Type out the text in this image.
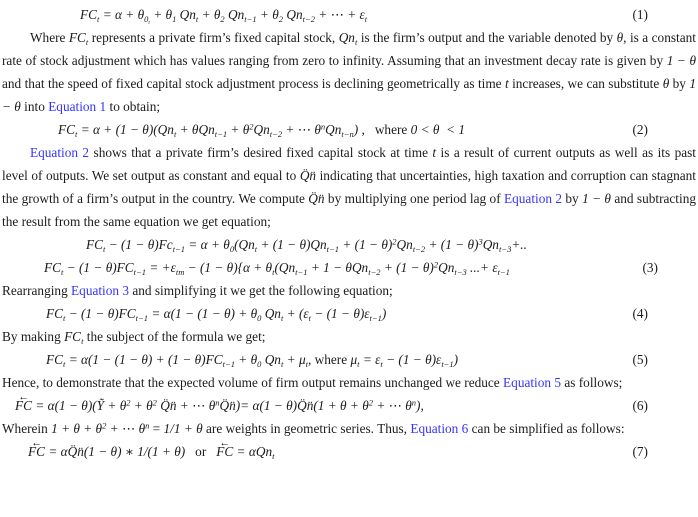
$FC_t = \alpha + \theta_{0_t} + \theta_1$ $Qn_t + \theta_2$ $Qn_{t-1} + \theta_2$ $Qn_{t-2}$ + ⋯ + $\varepsilon_t$	(1)

Where $FC_t$ represents a private firm’s fixed capital stock, $Qn_t$ is the firm’s output and the variable denoted by θ, is a constant rate of stock adjustment which has values ranging from zero to infinity. Assuming that an investment decay rate is given by 1 − θ and that the speed of fixed capital stock adjustment process is declining geometrically as time t increases, we can substitute θ by 1 − θ into Equation 1 to obtain;

$FC_t = \alpha + (1 - \theta)(Qn_t + \theta Qn_{t-1} + \theta^2Qn_{t-2}$ + ⋯ $\theta^nQn_{t-n}$) ,   where 0 < θ  < 1	(2)

Equation 2 shows that a private firm’s desired fixed capital stock at time t is a result of current outputs as well as its past level of outputs. We set output as constant and equal to Q̈n̈ indicating that uncertainties, high taxation and corruption can stagnant the growth of a firm’s output in the country. We compute Q̈n̈ by multiplying one period lag of Equation 2 by 1 − θ and subtracting the result from the same equation we get equation;

$FC_t - (1 - \theta)Fc_{t-1} = \alpha + \theta_0(Qn_t + (1 - \theta)Qn_{t-1} + (1 - \theta)^2Qn_{t-2} + (1 - \theta)^3Qn_{t-3}+$..
$FC_t - (1 - \theta)FC_{t-1} = +\varepsilon_{tm} - (1 - \theta)\{\alpha + \theta_t(Qn_{t-1} + 1 - \theta Qn_{t-2} + (1 - \theta)^2Qn_{t-3}$ ...+ $\varepsilon_{t-1}$	(3)

Rearranging Equation 3 and simplifying it we get the following equation;

$FC_t - (1 - \theta)FC_{t-1} = \alpha(1 - (1 - \theta) + \theta_0$ $Qn_t + (\varepsilon_t - (1 - \theta)\varepsilon_{t-1})$	(4)

By making $FC_t$ the subject of the formula we get;

$FC_t = \alpha(1 - (1 - \theta) + (1 - \theta)FC_{t-1} + \theta_0$ $Qn_t + \mu_t$, where $\mu_t = \varepsilon_t - (1 - \theta)\varepsilon_{t-1}$)	(5)

Hence, to demonstrate that the expected volume of firm output remains unchanged we reduce Equation 5 as follows;

← FC = α(1 − θ)(Ỹ + $\theta^2 + \theta^2$ Q̈n̈ + ⋯ $\theta^nQ̈n̈)= \alpha(1$ − θ)Q̈n̈(1 + $\theta + \theta^2$ + ⋯ $\theta^n$),	(6)

Wherein $1 + \theta + \theta^2$ + ⋯ $\theta^n = 1/1 + \theta$ are weights in geometric series. Thus, Equation 6 can be simplified as follows:

← FC = αQ̈n̈(1 − θ) ∗ 1/(1 + θ)   or   ← FC = αQn$_t$	(7)
